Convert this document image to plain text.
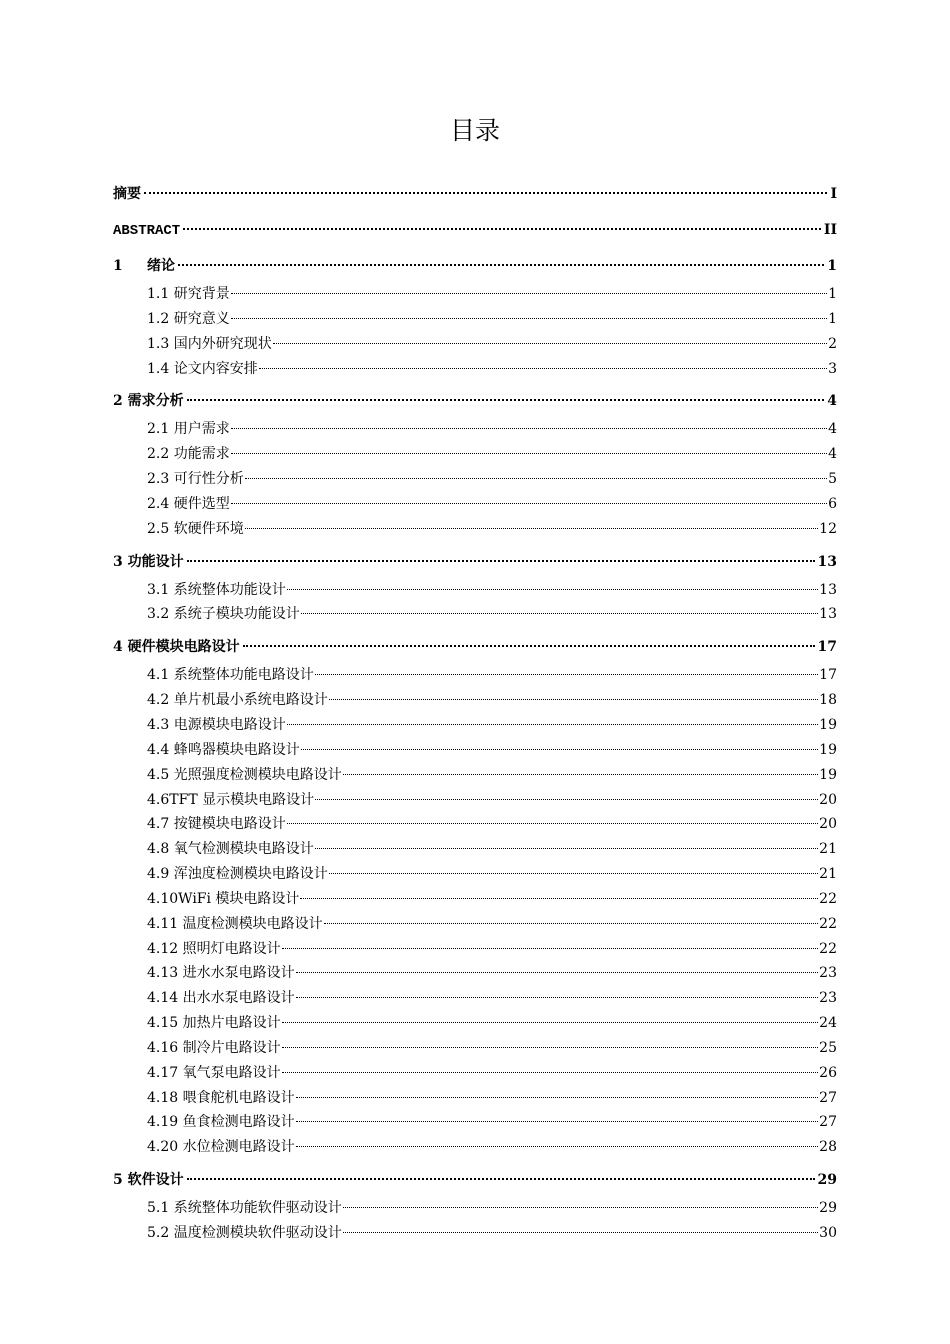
目录
摘要	I
ABSTRACT	II
1	绪论	1
1.1 研究背景	1
1.2 研究意义	1
1.3 国内外研究现状	2
1.4 论文内容安排	3
2 需求分析	4
2.1 用户需求	4
2.2 功能需求	4
2.3 可行性分析	5
2.4 硬件选型	6
2.5 软硬件环境	12
3 功能设计	13
3.1 系统整体功能设计	13
3.2 系统子模块功能设计	13
4 硬件模块电路设计	17
4.1 系统整体功能电路设计	17
4.2 单片机最小系统电路设计	18
4.3 电源模块电路设计	19
4.4 蜂鸣器模块电路设计	19
4.5 光照强度检测模块电路设计	19
4.6TFT 显示模块电路设计	20
4.7 按键模块电路设计	20
4.8 氧气检测模块电路设计	21
4.9 浑浊度检测模块电路设计	21
4.10WiFi 模块电路设计	22
4.11 温度检测模块电路设计	22
4.12 照明灯电路设计	22
4.13 进水水泵电路设计	23
4.14 出水水泵电路设计	23
4.15 加热片电路设计	24
4.16 制冷片电路设计	25
4.17 氧气泵电路设计	26
4.18 喂食舵机电路设计	27
4.19 鱼食检测电路设计	27
4.20 水位检测电路设计	28
5 软件设计	29
5.1 系统整体功能软件驱动设计	29
5.2 温度检测模块软件驱动设计	30
